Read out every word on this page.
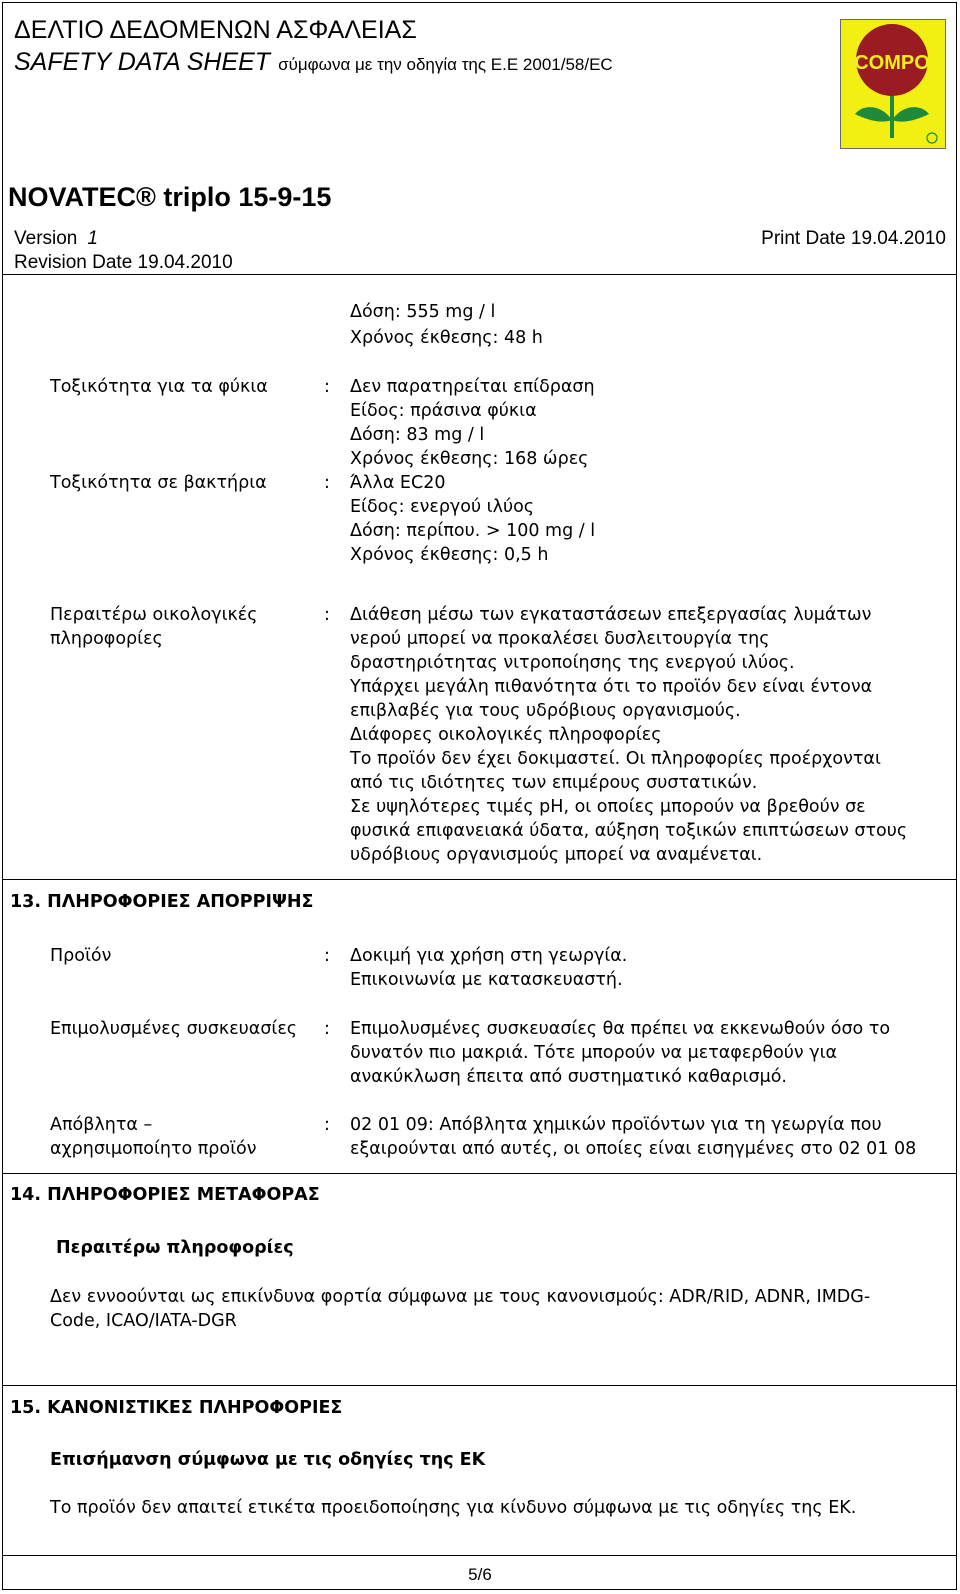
ΔΕΛΤΙΟ ΔΕΔΟΜΕΝΩΝ ΑΣΦΑΛΕΙΑΣ
SAFETY DATA SHEET σύμφωνα με την οδηγία της Ε.Ε 2001/58/EC	COMPO
NOVATEC® triplo 15-9-15
Version 1	Print Date 19.04.2010
Revision Date 19.04.2010
Δόση: 555 mg / l
Χρόνος έκθεσης: 48 h
Τοξικότητα για τα φύκια	: Δεν παρατηρείται επίδραση
Είδος: πράσινα φύκια
Δόση: 83 mg / l
Χρόνος έκθεσης: 168 ώρες
Τοξικότητα σε βακτήρια	: Άλλα EC20
Είδος: ενεργού ιλύος
Δόση: περίπου. > 100 mg / l
Χρόνος έκθεσης: 0,5 h
Περαιτέρω οικολογικές
πληροφορίες
: Διάθεση μέσω των εγκαταστάσεων επεξεργασίας λυμάτων
νερού μπορεί να προκαλέσει δυσλειτουργία της
δραστηριότητας νιτροποίησης της ενεργού ιλύος.
Υπάρχει μεγάλη πιθανότητα ότι το προϊόν δεν είναι έντονα
επιβλαβές για τους υδρόβιους οργανισμούς.
Διάφορες οικολογικές πληροφορίες
Το προϊόν δεν έχει δοκιμαστεί. Οι πληροφορίες προέρχονται
από τις ιδιότητες των επιμέρους συστατικών.
Σε υψηλότερες τιμές pH, οι οποίες μπορούν να βρεθούν σε
φυσικά επιφανειακά ύδατα, αύξηση τοξικών επιπτώσεων στους
υδρόβιους οργανισμούς μπορεί να αναμένεται.
13. ΠΛΗΡΟΦΟΡΙΕΣ ΑΠΟΡΡΙΨΗΣ
Προϊόν	: Δοκιμή για χρήση στη γεωργία.
Επικοινωνία με κατασκευαστή.
Επιμολυσμένες συσκευασίες : Επιμολυσμένες συσκευασίες θα πρέπει να εκκενωθούν όσο το
δυνατόν πιο μακριά. Τότε μπορούν να μεταφερθούν για
ανακύκλωση έπειτα από συστηματικό καθαρισμό.
Απόβλητα –
αχρησιμοποίητο προϊόν
: 02 01 09: Απόβλητα χημικών προϊόντων για τη γεωργία που
εξαιρούνται από αυτές, οι οποίες είναι εισηγμένες στο 02 01 08
14. ΠΛΗΡΟΦΟΡΙΕΣ ΜΕΤΑΦΟΡΑΣ
Περαιτέρω πληροφορίες
Δεν εννοούνται ως επικίνδυνα φορτία σύμφωνα με τους κανονισμούς: ADR/RID, ADNR, IMDG-
Code, ICAO/IATA-DGR
15. ΚΑΝΟΝΙΣΤΙΚΕΣ ΠΛΗΡΟΦΟΡΙΕΣ
Επισήμανση σύμφωνα με τις οδηγίες της ΕΚ
Το προϊόν δεν απαιτεί ετικέτα προειδοποίησης για κίνδυνο σύμφωνα με τις οδηγίες της ΕΚ.
5/6
